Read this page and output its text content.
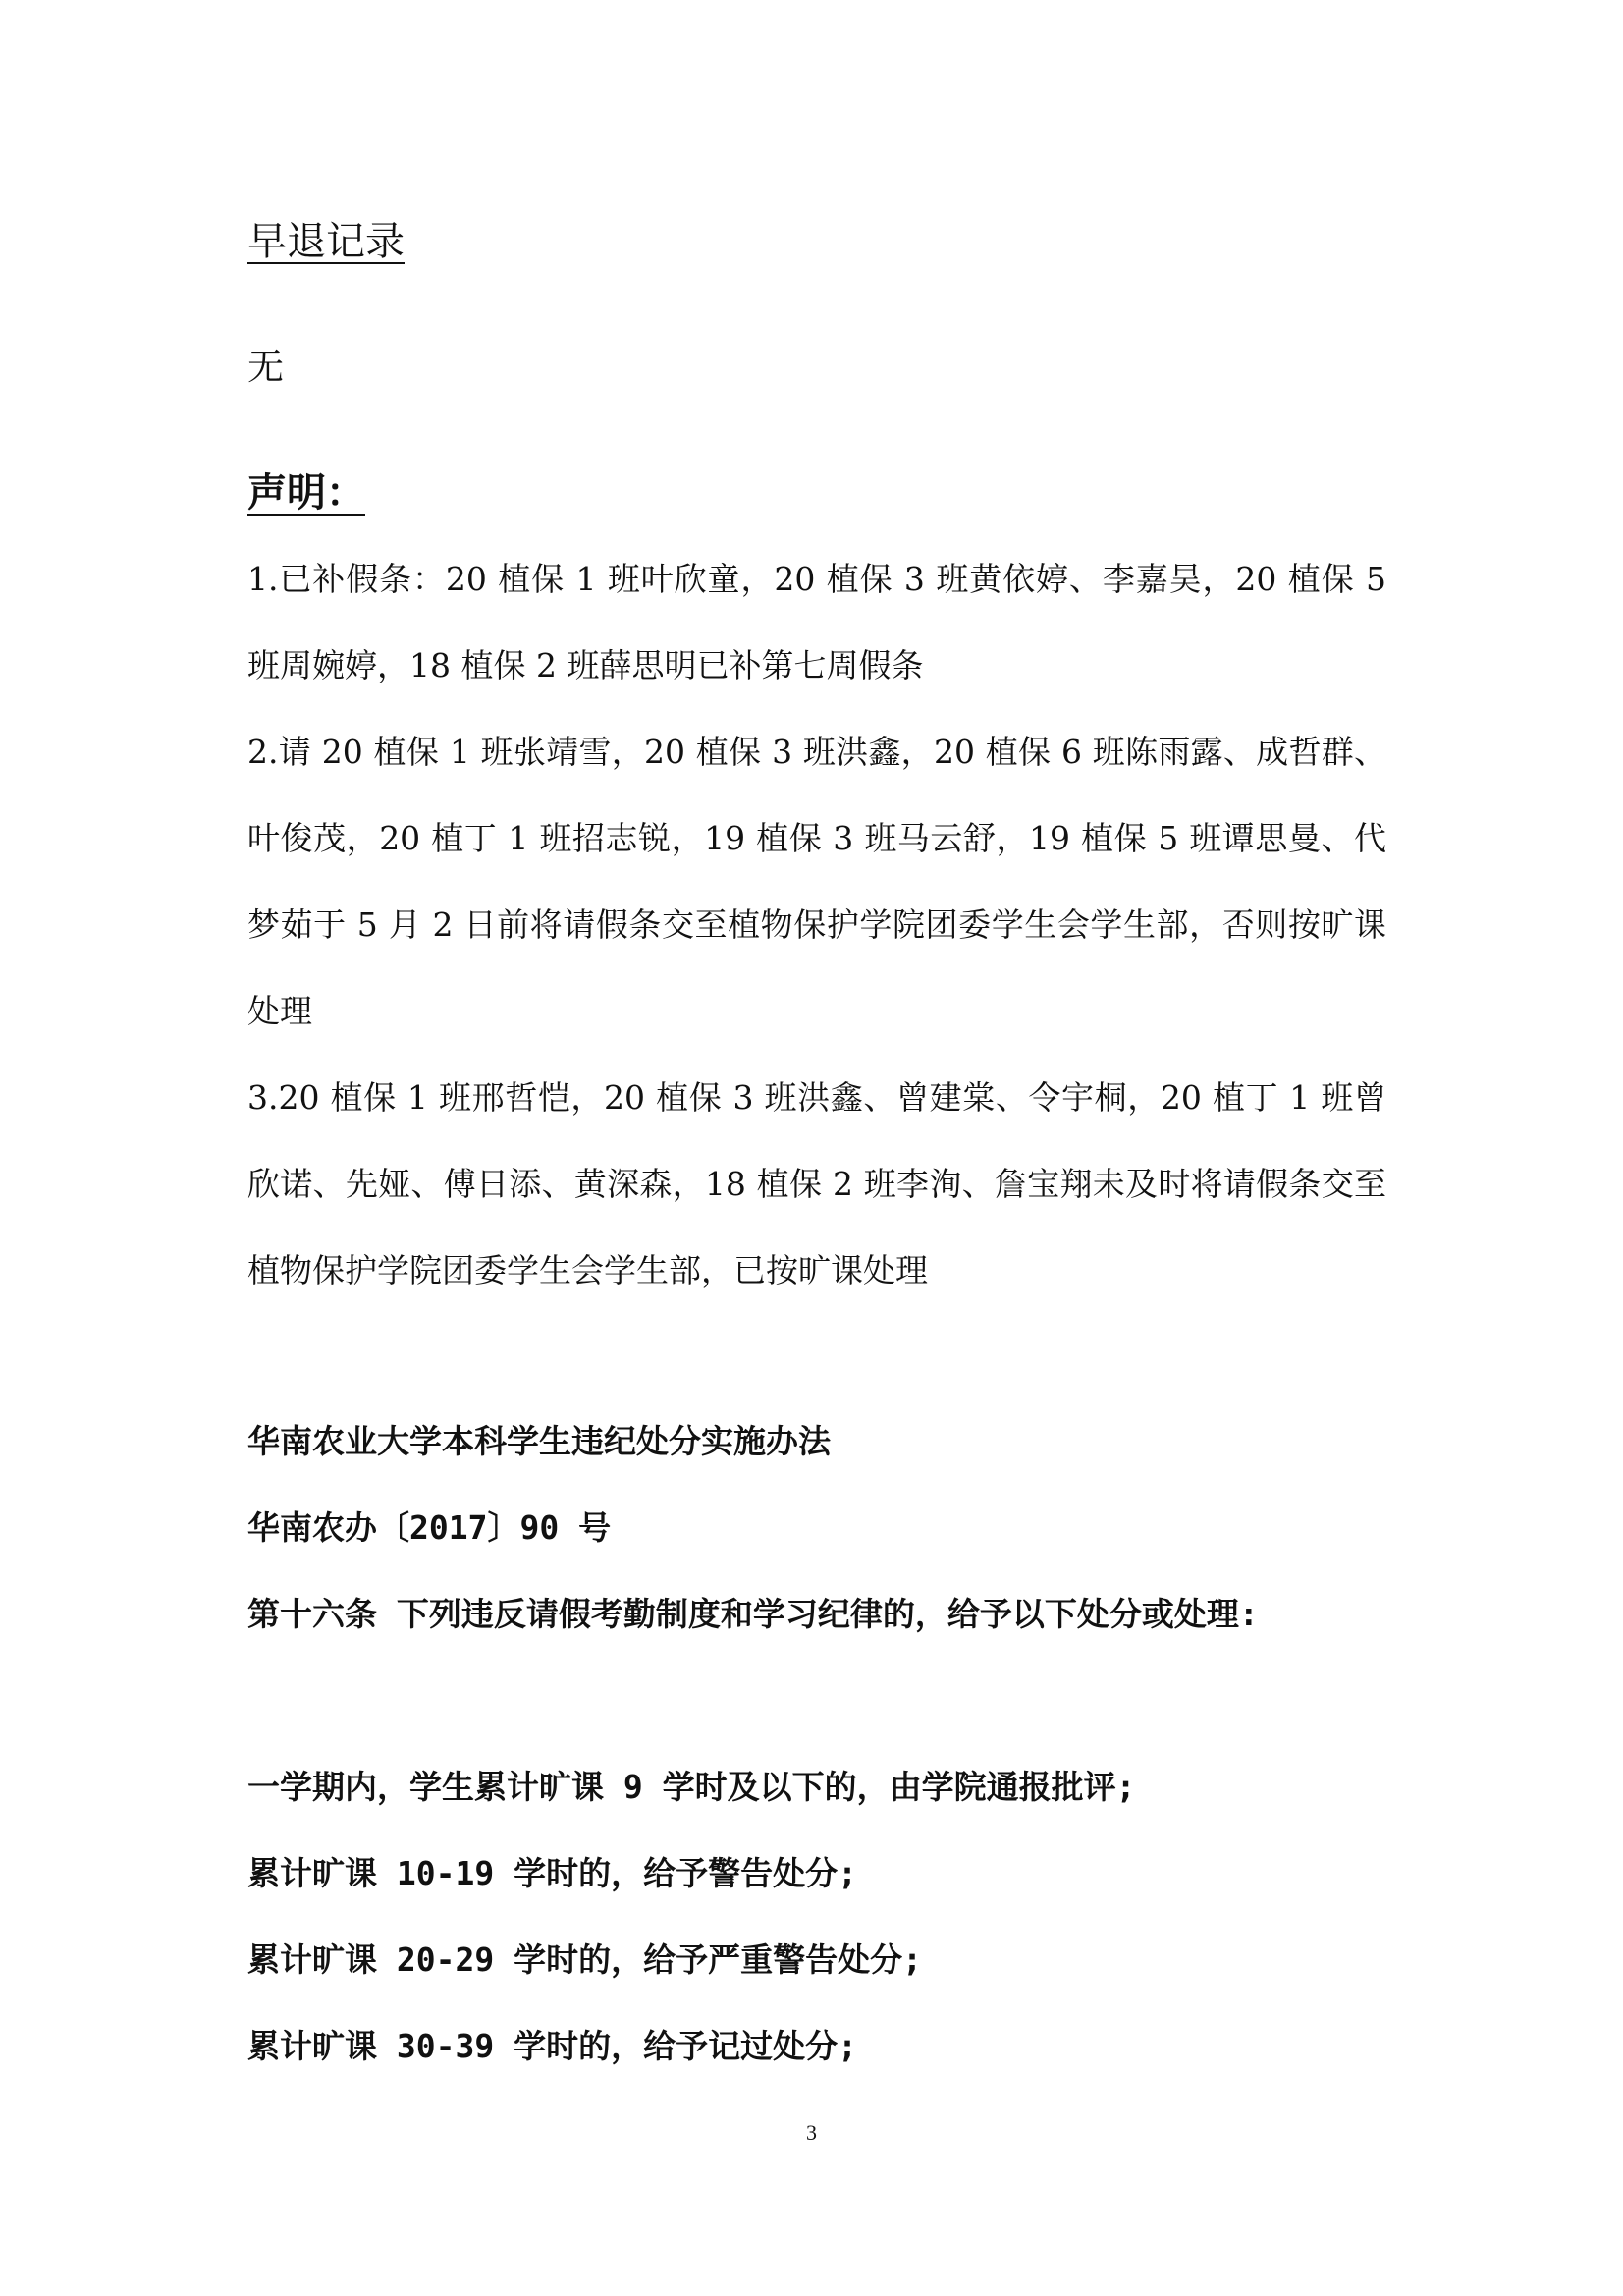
早退记录

无

声明：

1.已补假条：20 植保 1 班叶欣童，20 植保 3 班黄依婷、李嘉昊，20 植保 5 班周婉婷，18 植保 2 班薛思明已补第七周假条

2.请 20 植保 1 班张靖雪，20 植保 3 班洪鑫，20 植保 6 班陈雨露、成哲群、叶俊茂，20 植丁 1 班招志锐，19 植保 3 班马云舒，19 植保 5 班谭思曼、代梦茹于 5 月 2 日前将请假条交至植物保护学院团委学生会学生部，否则按旷课处理

3.20 植保 1 班邢哲恺，20 植保 3 班洪鑫、曾建棠、令宇桐，20 植丁 1 班曾欣诺、先娅、傅日添、黄深森，18 植保 2 班李洵、詹宝翔未及时将请假条交至植物保护学院团委学生会学生部，已按旷课处理

华南农业大学本科学生违纪处分实施办法

华南农办〔2017〕90 号

第十六条 下列违反请假考勤制度和学习纪律的，给予以下处分或处理:

一学期内，学生累计旷课 9 学时及以下的，由学院通报批评;

累计旷课 10-19 学时的，给予警告处分;

累计旷课 20-29 学时的，给予严重警告处分;

累计旷课 30-39 学时的，给予记过处分;

3
